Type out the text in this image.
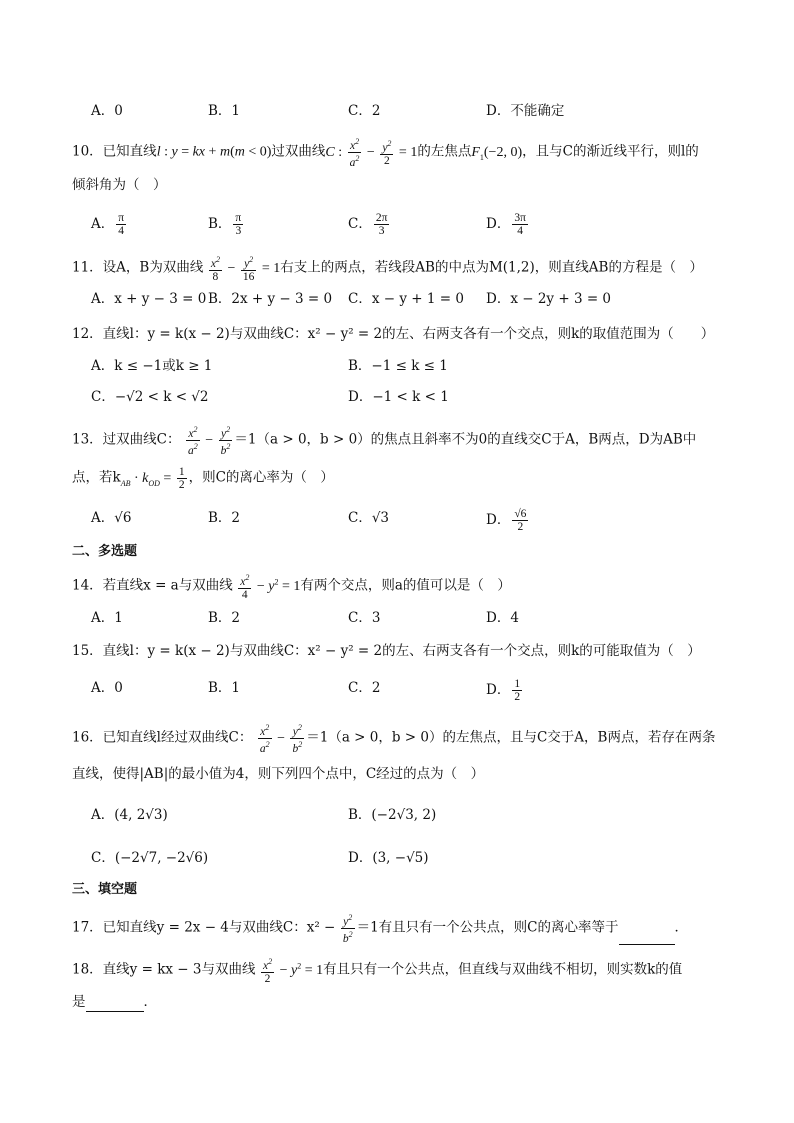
A．0	B．1	C．2	D．不能确定
10．已知直线l : y = kx + m(m < 0)过双曲线C : $\frac{x^2}{a^2} - \frac{y^2}{2} = 1$的左焦点$F_1(-2$, 0)，且与C的渐近线平行，则l的
倾斜角为（　）
A． $\frac{\pi}{4}$	B． $\frac{\pi}{3}$	C． $\frac{2\pi}{3}$	D． $\frac{3\pi}{4}$
11．设A，B为双曲线 $\frac{x^2}{8} - \frac{y^2}{16} = 1$右支上的两点，若线段AB的中点为M(1,2)，则直线AB的方程是（　）
A．x + y − 3 = 0 B．2x + y − 3 = 0 C．x − y + 1 = 0 D．x − 2y + 3 = 0
12．直线l：y = k(x − 2)与双曲线C：x² − y² = 2的左、右两支各有一个交点，则k的取值范围为（　　）
A．k ≤ −1或k ≥ 1	B．−1 ≤ k ≤ 1
C．−√2 < k < √2	D．−1 < k < 1
13．过双曲线C： $\frac{x^2}{a^2} - \frac{y^2}{b^2} =1(a > 0$，b > 0）的焦点且斜率不为0的直线交C于A，B两点，D为AB中
点，若$k_{AB} \cdot k_{OD} = \frac{1}{2}$ ，则C的离心率为（　）
A．√6	B．2	C．√3	D． $\frac{√6}{2}$
二、多选题
14．若直线x = a与双曲线 $\frac{x^2}{4} - y^2 = 1$有两个交点，则a的值可以是（　）
A．1	B．2	C．3	D．4
15．直线l：y = k(x − 2)与双曲线C：x² − y² = 2的左、右两支各有一个交点，则k的可能取值为（　）
A．0	B．1	C．2	D． $\frac{1}{2}$
16．已知直线l经过双曲线C： $\frac{x^2}{a^2} - \frac{y^2}{b^2} =1(a > 0$，b > 0）的左焦点，且与C交于A，B两点，若存在两条
直线，使得|AB|的最小值为4，则下列四个点中，C经过的点为（　）
A．(4, 2√3)	B．(−2√3, 2)
C．(−2√7, −2√6)	D．(3, −√5)
三、填空题
17．已知直线y = 2x − 4与双曲线C：$x^2 - \frac{y^2}{b^2} =1$有且只有一个公共点，则C的离心率等于	．
18．直线y = kx − 3与双曲线 $\frac{x^2}{2} - y^2 = 1$有且只有一个公共点，但直线与双曲线不相切，则实数k的值
是	．
